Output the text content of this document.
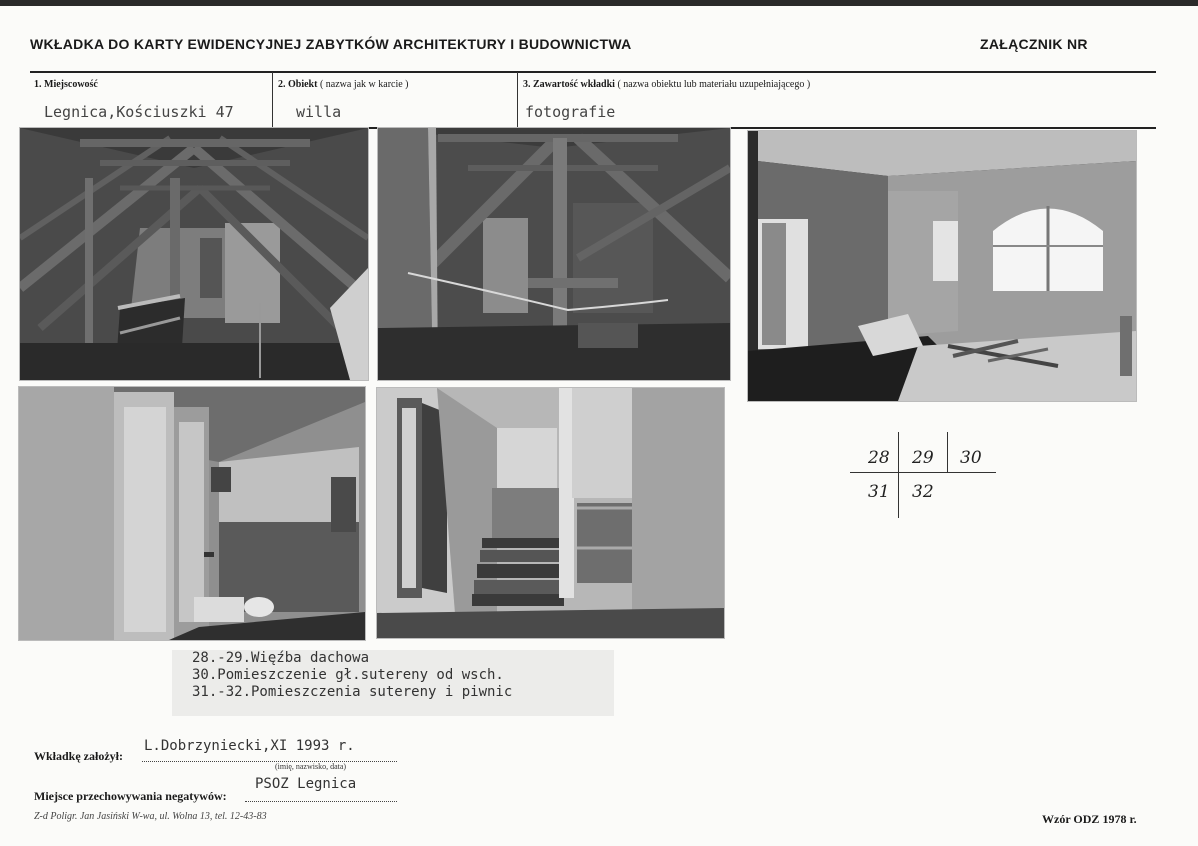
WKŁADKA DO KARTY EWIDENCYJNEJ ZABYTKÓW ARCHITEKTURY I BUDOWNICTWA	ZAŁĄCZNIK NR
1. Miejscowość
Legnica,Kościuszki 47
2. Obiekt ( nazwa jak w karcie )
willa
3. Zawartość wkładki ( nazwa obiektu lub materiału uzupełniającego )
fotografie
28 29 30
31 32
28.-29.Więźba dachowa
30.Pomieszczenie gł.sutereny od wsch.
31.-32.Pomieszczenia sutereny i piwnic
Wkładkę założył:
L.Dobrzyniecki,XI 1993 r.
(imię, nazwisko, data)
PSOZ Legnica
Miejsce przechowywania negatywów:
Z-d Poligr. Jan Jasiński W-wa, ul. Wolna 13, tel. 12-43-83	Wzór ODZ 1978 r.
